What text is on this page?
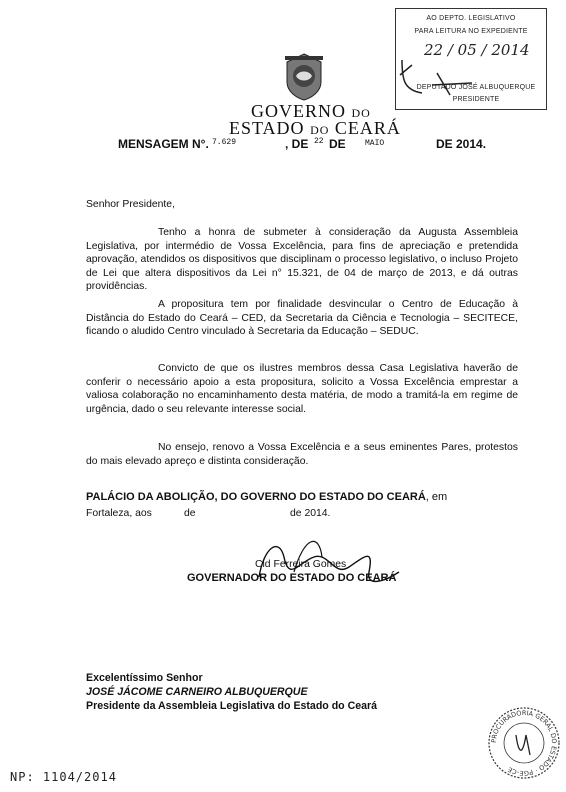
AO DEPTO. LEGISLATIVO
PARA LEITURA NO EXPEDIENTE
22 / 05 / 2014
DEPUTADO JOSÉ ALBUQUERQUE
PRESIDENTE
GOVERNO DO
ESTADO DO CEARÁ
MENSAGEM N°. 7.629	, DE 22 DE MAIO	DE 2014.
Senhor Presidente,
Tenho a honra de submeter à consideração da Augusta Assembleia Legislativa, por intermédio de Vossa Excelência, para fins de apreciação e pretendida aprovação, atendidos os dispositivos que disciplinam o processo legislativo, o incluso Projeto de Lei que altera dispositivos da Lei n° 15.321, de 04 de março de 2013, e dá outras providências.
A propositura tem por finalidade desvincular o Centro de Educação à Distância do Estado do Ceará – CED, da Secretaria da Ciência e Tecnologia – SECITECE, ficando o aludido Centro vinculado à Secretaria da Educação – SEDUC.
Convicto de que os ilustres membros dessa Casa Legislativa haverão de conferir o necessário apoio a esta propositura, solicito a Vossa Excelência emprestar a valiosa colaboração no encaminhamento desta matéria, de modo a tramitá-la em regime de urgência, dado o seu relevante interesse social.
No ensejo, renovo a Vossa Excelência e a seus eminentes Pares, protestos do mais elevado apreço e distinta consideração.
PALÁCIO DA ABOLIÇÃO, DO GOVERNO DO ESTADO DO CEARÁ, em
Fortaleza, aos	de	de 2014.
Cid Ferreira Gomes
GOVERNADOR DO ESTADO DO CEARÁ
Excelentíssimo Senhor
JOSÉ JÁCOME CARNEIRO ALBUQUERQUE
Presidente da Assembleia Legislativa do Estado do Ceará
NP: 1104/2014
PROCURADORIA GERAL DO ESTADO · PGE-CE
